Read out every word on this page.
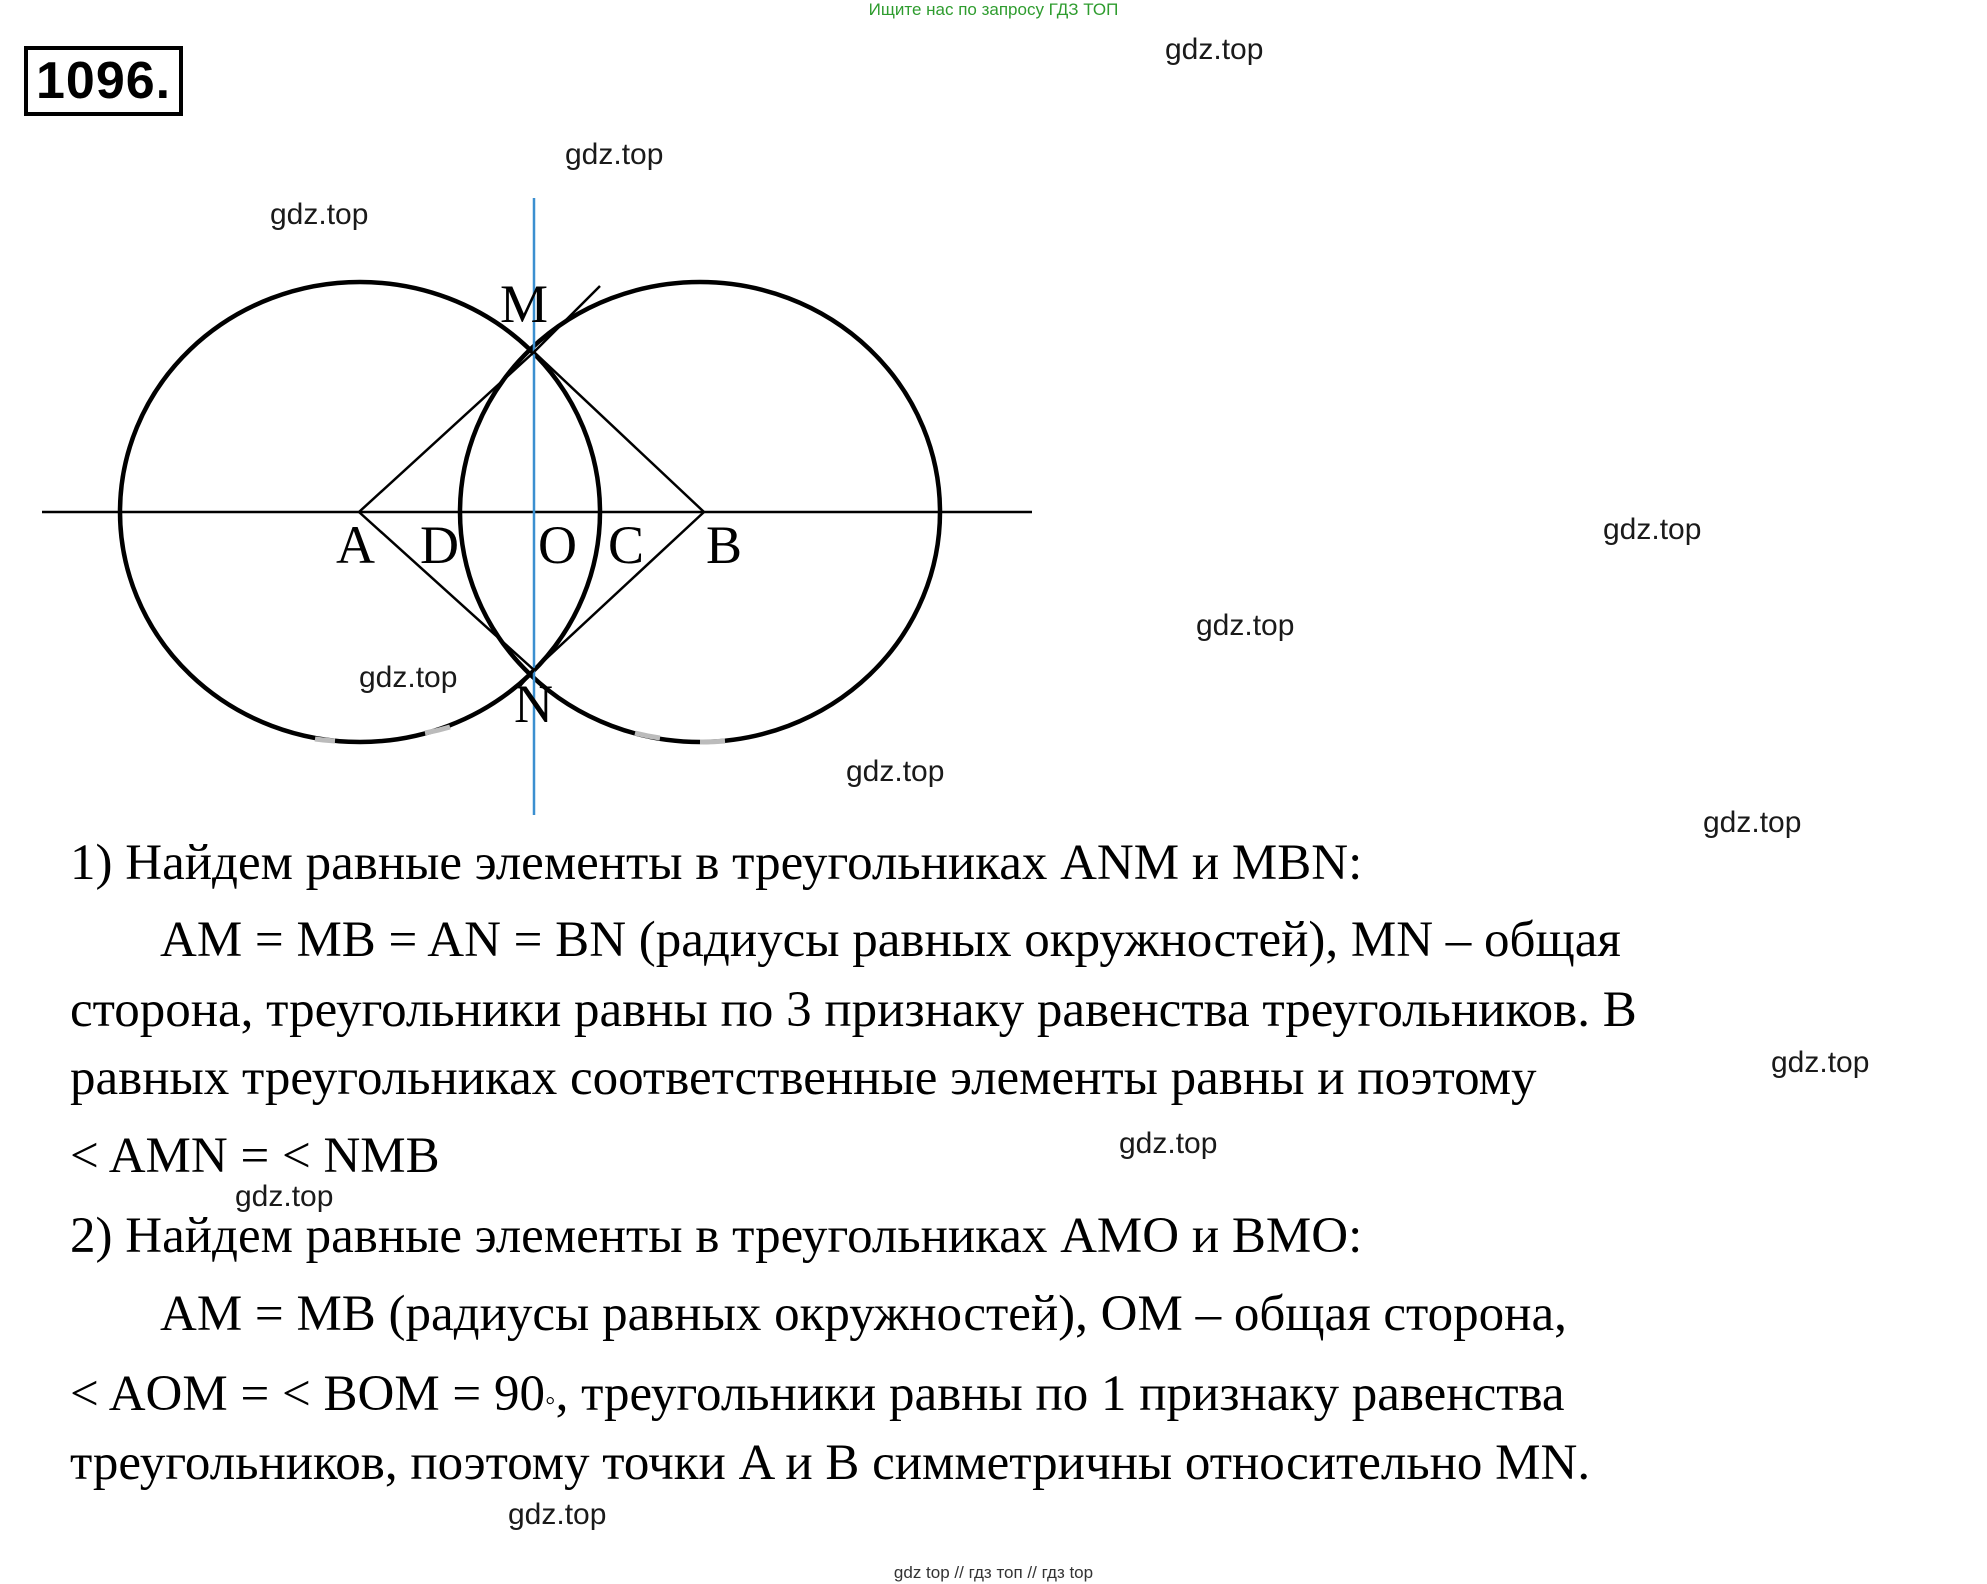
Ищите нас по запросу ГДЗ ТОП
1096.
M
A D O C B
N
gdz.top
gdz.top
gdz.top
gdz.top
gdz.top
gdz.top
gdz.top
gdz.top
gdz.top
gdz.top
gdz.top
gdz.top
1) Найдем равные элементы в треугольниках ANM и MBN:
AM = MB = AN = BN (радиусы равных окружностей), MN – общая
сторона, треугольники равны по 3 признаку равенства треугольников. В
равных треугольниках соответственные элементы равны и поэтому
< AMN = < NMB
2) Найдем равные элементы в треугольниках AMO и BMO:
AM = MB (радиусы равных окружностей), OM – общая сторона,
< AOM = < BOM = 90◦, треугольники равны по 1 признаку равенства
треугольников, поэтому точки A и B симметричны относительно MN.
gdz top // гдз топ // гдз top
